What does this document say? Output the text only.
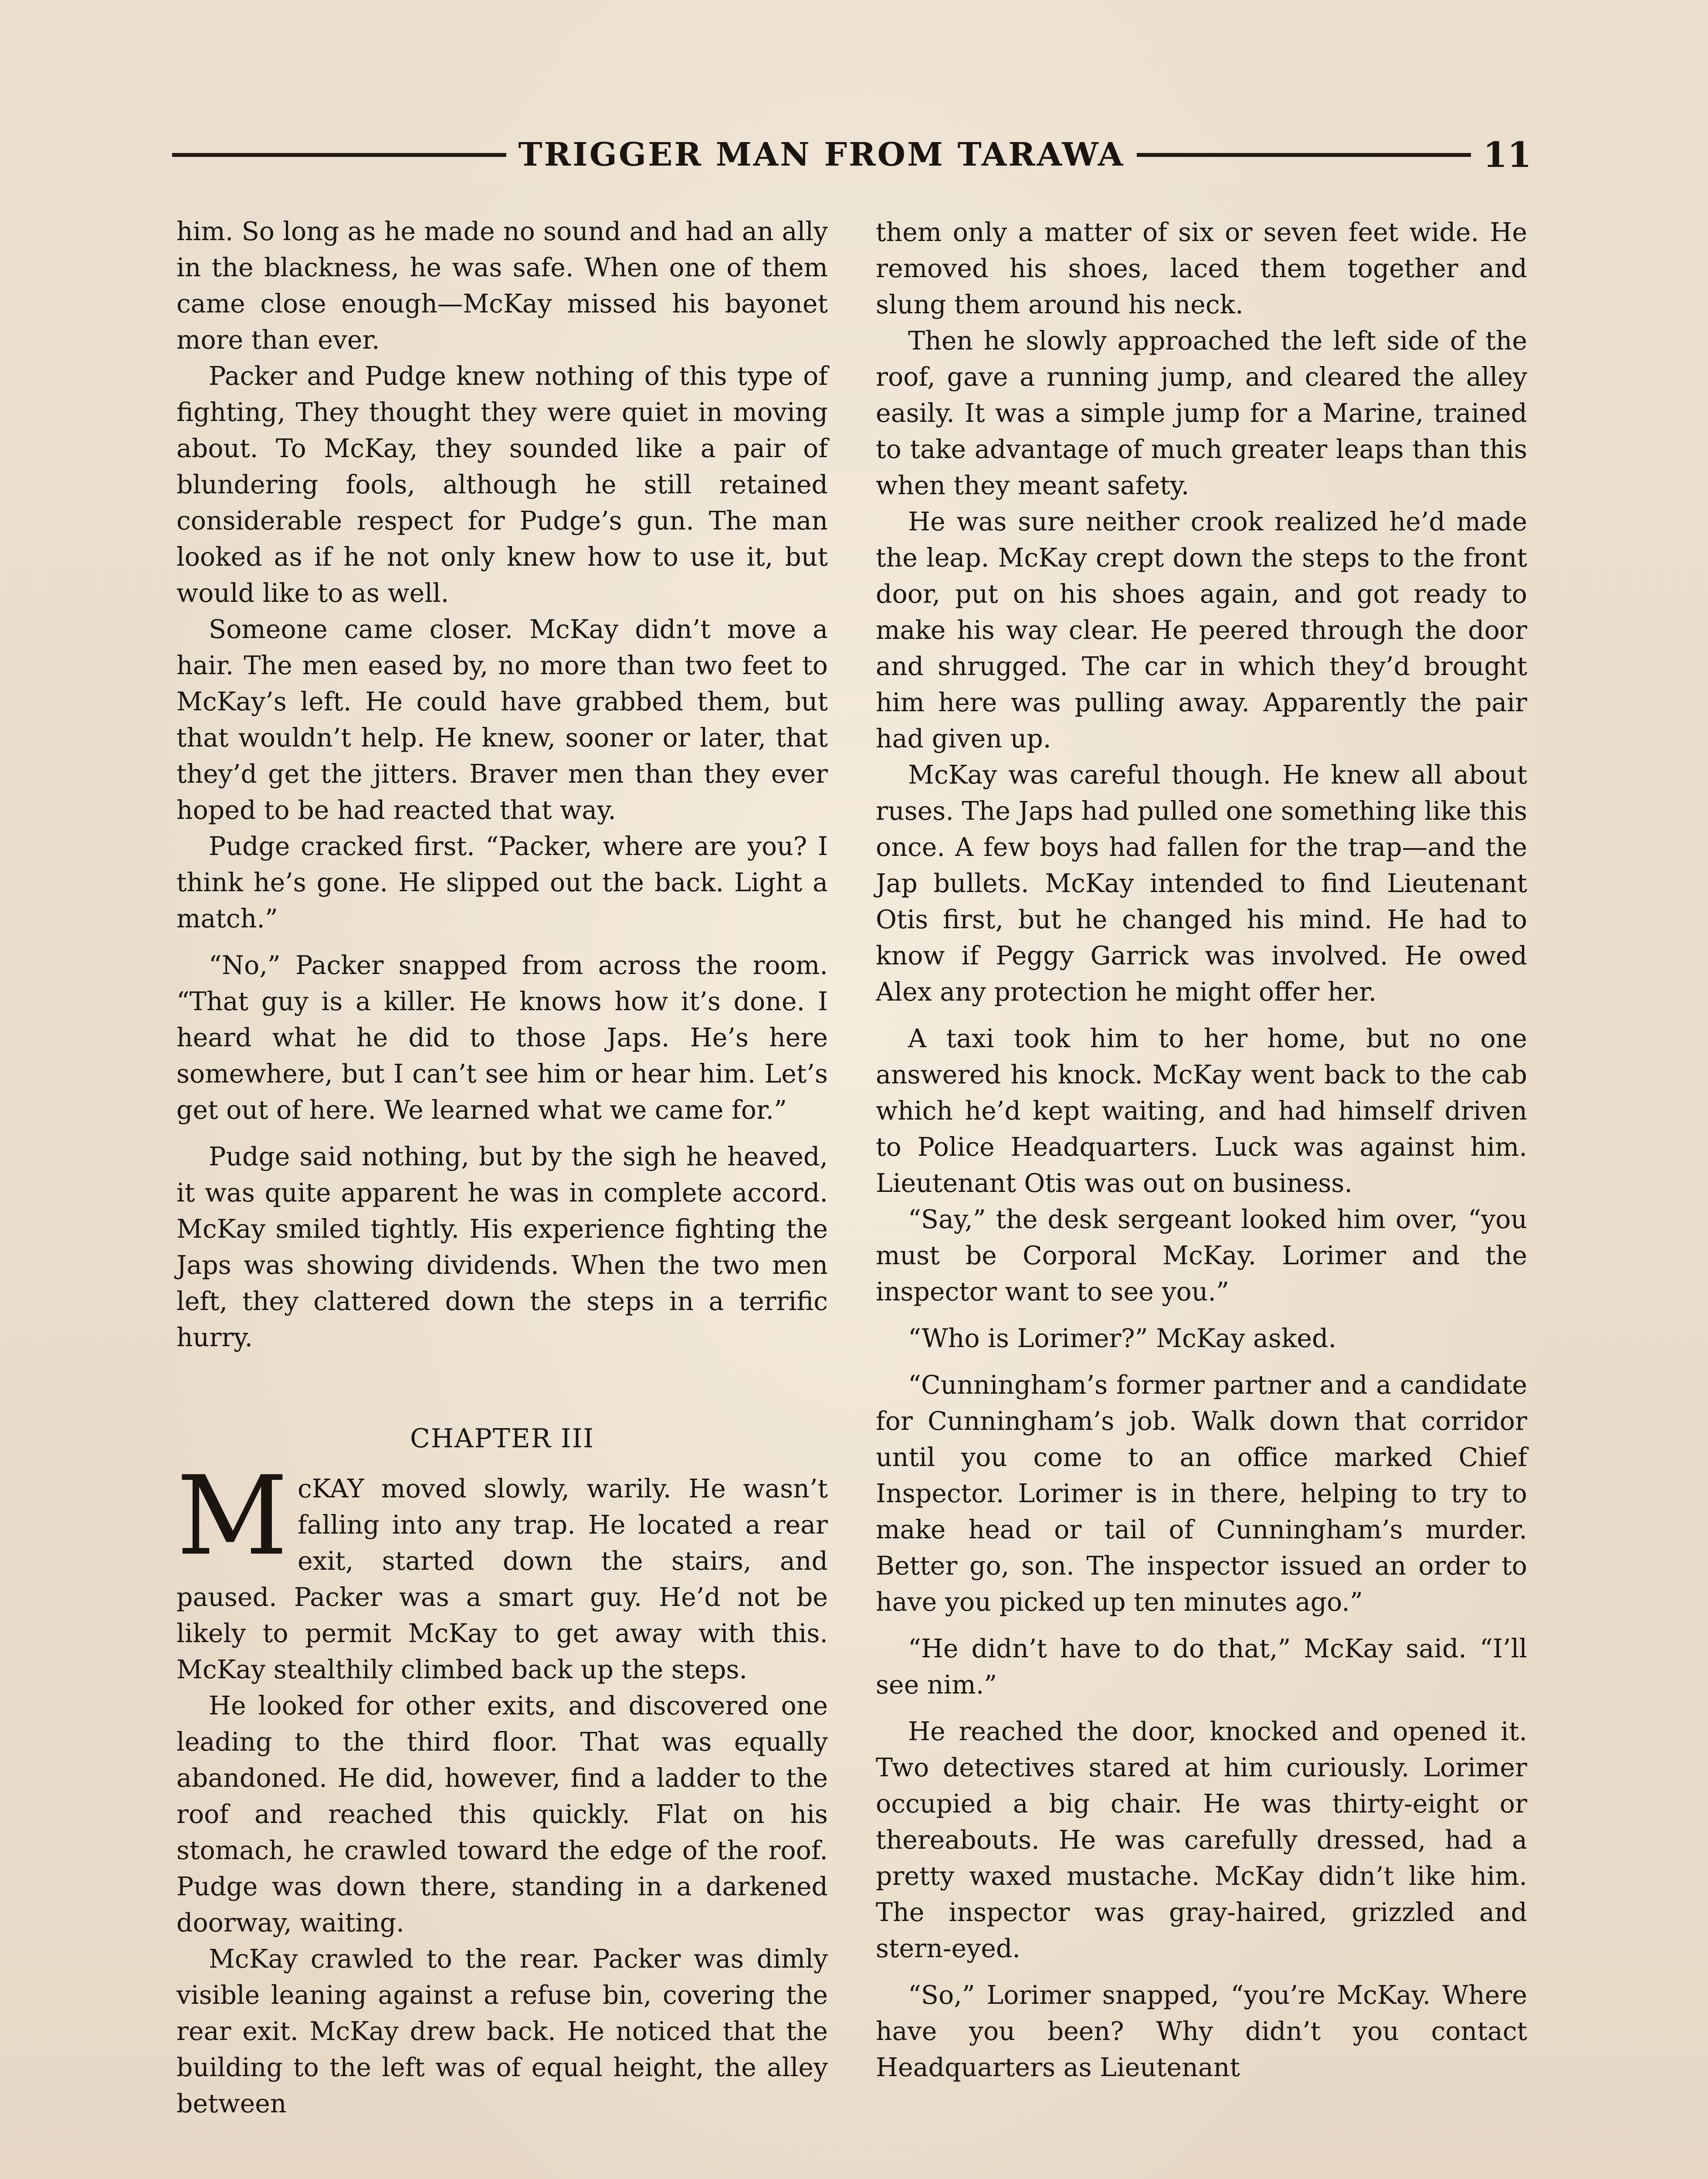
TRIGGER MAN FROM TARAWA	11

him. So long as he made no sound and had an ally in the blackness, he was safe. When one of them came close enough—McKay missed his bayonet more than ever.

Packer and Pudge knew nothing of this type of fighting, They thought they were quiet in moving about. To McKay, they sounded like a pair of blundering fools, although he still retained considerable respect for Pudge’s gun. The man looked as if he not only knew how to use it, but would like to as well.

Someone came closer. McKay didn’t move a hair. The men eased by, no more than two feet to McKay’s left. He could have grabbed them, but that wouldn’t help. He knew, sooner or later, that they’d get the jitters. Braver men than they ever hoped to be had reacted that way.

Pudge cracked first. “Packer, where are you? I think he’s gone. He slipped out the back. Light a match.”

“No,” Packer snapped from across the room. “That guy is a killer. He knows how it’s done. I heard what he did to those Japs. He’s here somewhere, but I can’t see him or hear him. Let’s get out of here. We learned what we came for.”

Pudge said nothing, but by the sigh he heaved, it was quite apparent he was in complete accord. McKay smiled tightly. His experience fighting the Japs was showing dividends. When the two men left, they clattered down the steps in a terrific hurry.

CHAPTER III

McKAY moved slowly, warily. He wasn’t falling into any trap. He located a rear exit, started down the stairs, and paused. Packer was a smart guy. He’d not be likely to permit McKay to get away with this. McKay stealthily climbed back up the steps.

He looked for other exits, and discovered one leading to the third floor. That was equally abandoned. He did, however, find a ladder to the roof and reached this quickly. Flat on his stomach, he crawled toward the edge of the roof. Pudge was down there, standing in a darkened doorway, waiting.

McKay crawled to the rear. Packer was dimly visible leaning against a refuse bin, covering the rear exit. McKay drew back. He noticed that the building to the left was of equal height, the alley between

them only a matter of six or seven feet wide. He removed his shoes, laced them together and slung them around his neck.

Then he slowly approached the left side of the roof, gave a running jump, and cleared the alley easily. It was a simple jump for a Marine, trained to take advantage of much greater leaps than this when they meant safety.

He was sure neither crook realized he’d made the leap. McKay crept down the steps to the front door, put on his shoes again, and got ready to make his way clear. He peered through the door and shrugged. The car in which they’d brought him here was pulling away. Apparently the pair had given up.

McKay was careful though. He knew all about ruses. The Japs had pulled one something like this once. A few boys had fallen for the trap—and the Jap bullets. McKay intended to find Lieutenant Otis first, but he changed his mind. He had to know if Peggy Garrick was involved. He owed Alex any protection he might offer her.

A taxi took him to her home, but no one answered his knock. McKay went back to the cab which he’d kept waiting, and had himself driven to Police Headquarters. Luck was against him. Lieutenant Otis was out on business.

“Say,” the desk sergeant looked him over, “you must be Corporal McKay. Lorimer and the inspector want to see you.”

“Who is Lorimer?” McKay asked.

“Cunningham’s former partner and a candidate for Cunningham’s job. Walk down that corridor until you come to an office marked Chief Inspector. Lorimer is in there, helping to try to make head or tail of Cunningham’s murder. Better go, son. The inspector issued an order to have you picked up ten minutes ago.”

“He didn’t have to do that,” McKay said. “I’ll see nim.”

He reached the door, knocked and opened it. Two detectives stared at him curiously. Lorimer occupied a big chair. He was thirty-eight or thereabouts. He was carefully dressed, had a pretty waxed mustache. McKay didn’t like him. The inspector was gray-haired, grizzled and stern-eyed.

“So,” Lorimer snapped, “you’re McKay. Where have you been? Why didn’t you contact Headquarters as Lieutenant
